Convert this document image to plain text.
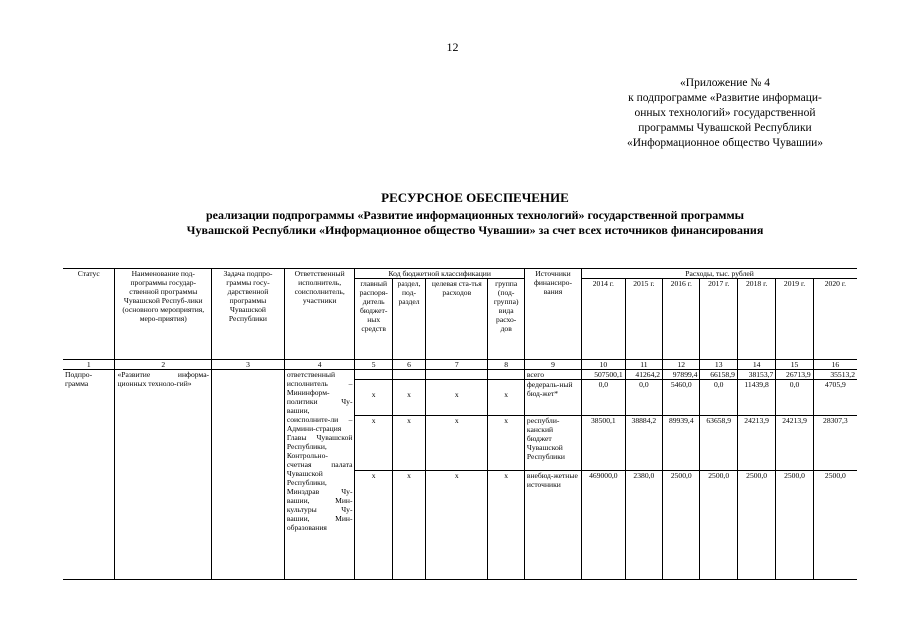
12
«Приложение № 4
к подпрограмме «Развитие информаци-
онных технологий» государственной
программы Чувашской Республики
«Информационное общество Чувашии»
РЕСУРСНОЕ ОБЕСПЕЧЕНИЕ
реализации подпрограммы «Развитие информационных технологий» государственной программы
Чувашской Республики «Информационное общество Чувашии» за счет всех источников финансирования
Статус	Наименование под-программы государ-ственной программы Чувашской Респуб-лики (основного мероприятия, меро-приятия)	Задача подпро-граммы госу-дарственной программы Чувашской Республики	Ответственный исполнитель, соисполнитель, участники	Код бюджетной классификации				Источники финансиро-вания	Расходы, тыс. рублей						
				главный распоря-дитель бюджет-ных средств	раздел, под-раздел	целевая ста-тья расходов	группа (под-группа) вида расхо-дов		2014 г.	2015 г.	2016 г.	2017 г.	2018 г.	2019 г.	2020 г.
1	2	3	4	5	6	7	8	9	10	11	12	13	14	15	16
Подпро-грамма	«Развитие информа-ционных техноло-гий»		ответственный исполнитель – Мининформ-политики Чу-вашии, соисполните-ли – Админи-страция Главы Чувашской Республики, Контрольно-счетная палата Чувашской Республики, Минздрав Чу-вашии, Мин-культуры Чу-вашии, Мин-образования					всего	507500,1	41264,2	97899,4	66158,9	38153,7	26713,9	35513,2
				x	x	x	x	федераль-ный бюд-жет*	0,0	0,0	5460,0	0,0	11439,8	0,0	4705,9
				x	x	x	x	республи-канский бюджет Чувашской Республики	38500,1	38884,2	89939,4	63658,9	24213,9	24213,9	28307,3
				x	x	x	x	внебюд-жетные источники	469000,0	2380,0	2500,0	2500,0	2500,0	2500,0	2500,0
